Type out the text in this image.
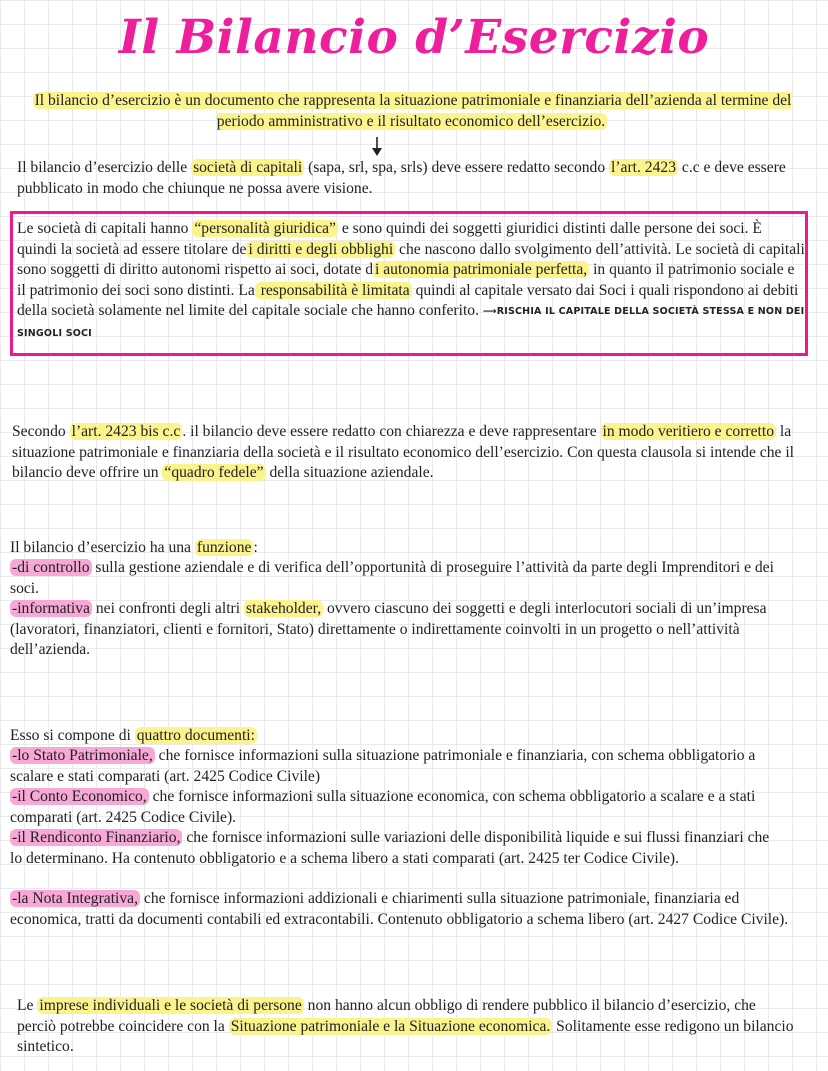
Il Bilancio d’Esercizio

Il bilancio d’esercizio è un documento che rappresenta la situazione patrimoniale e finanziaria dell’azienda al termine del periodo amministrativo e il risultato economico dell’esercizio.

Il bilancio d’esercizio delle società di capitali (sapa, srl, spa, srls) deve essere redatto secondo l’art. 2423 c.c e deve essere pubblicato in modo che chiunque ne possa avere visione.

Le società di capitali hanno “personalità giuridica” e sono quindi dei soggetti giuridici distinti dalle persone dei soci. È quindi la società ad essere titolare de i diritti e degli obblighi che nascono dallo svolgimento dell’attività. Le società di capitali sono soggetti di diritto autonomi rispetto ai soci, dotate d i autonomia patrimoniale perfetta, in quanto il patrimonio sociale e il patrimonio dei soci sono distinti. La responsabilità è limitata quindi al capitale versato dai Soci i quali rispondono ai debiti della società solamente nel limite del capitale sociale che hanno conferito. ⟶RISCHIA IL CAPITALE DELLA SOCIETÀ STESSA E NON DEI SINGOLI SOCI

Secondo l’art. 2423 bis c.c . il bilancio deve essere redatto con chiarezza e deve rappresentare in modo veritiero e corretto la situazione patrimoniale e finanziaria della società e il risultato economico dell’esercizio. Con questa clausola si intende che il bilancio deve offrire un “quadro fedele” della situazione aziendale.

Il bilancio d’esercizio ha una funzione :

-di controllo sulla gestione aziendale e di verifica dell’opportunità di proseguire l’attività da parte degli Imprenditori e dei soci.

-informativa nei confronti degli altri stakeholder, ovvero ciascuno dei soggetti e degli interlocutori sociali di un’impresa (lavoratori, finanziatori, clienti e fornitori, Stato) direttamente o indirettamente coinvolti in un progetto o nell’attività dell’azienda.

Esso si compone di quattro documenti:

-lo Stato Patrimoniale, che fornisce informazioni sulla situazione patrimoniale e finanziaria, con schema obbligatorio a scalare e stati comparati (art. 2425 Codice Civile)

-il Conto Economico, che fornisce informazioni sulla situazione economica, con schema obbligatorio a scalare e a stati comparati (art. 2425 Codice Civile).

-il Rendiconto Finanziario, che fornisce informazioni sulle variazioni delle disponibilità liquide e sui flussi finanziari che lo determinano. Ha contenuto obbligatorio e a schema libero a stati comparati (art. 2425 ter Codice Civile).

-la Nota Integrativa, che fornisce informazioni addizionali e chiarimenti sulla situazione patrimoniale, finanziaria ed economica, tratti da documenti contabili ed extracontabili. Contenuto obbligatorio a schema libero (art. 2427 Codice Civile).

Le imprese individuali e le società di persone non hanno alcun obbligo di rendere pubblico il bilancio d’esercizio, che perciò potrebbe coincidere con la Situazione patrimoniale e la Situazione economica. Solitamente esse redigono un bilancio sintetico.
